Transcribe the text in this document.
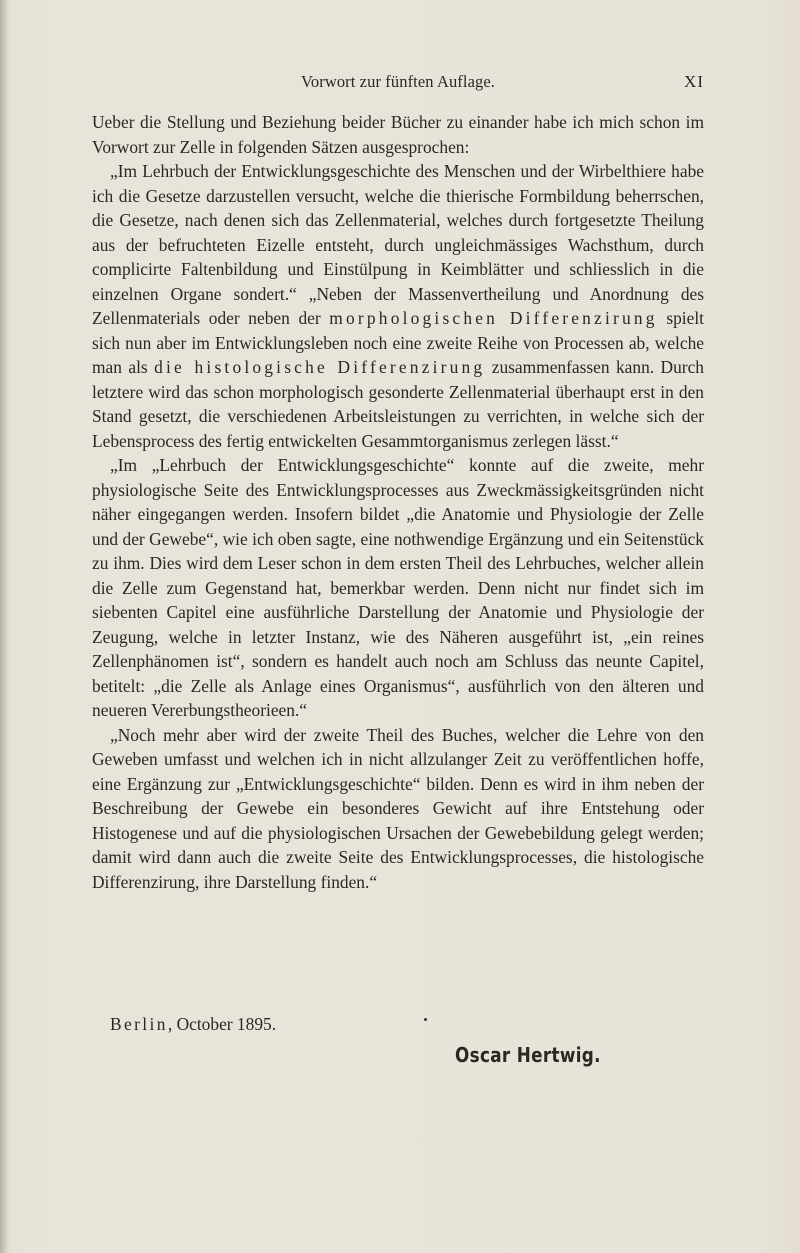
Vorwort zur fünften Auflage.	XI

Ueber die Stellung und Beziehung beider Bücher zu einander habe ich mich schon im Vorwort zur Zelle in folgenden Sätzen ausgesprochen:

„Im Lehrbuch der Entwicklungsgeschichte des Menschen und der Wirbelthiere habe ich die Gesetze darzustellen versucht, welche die thierische Formbildung beherrschen, die Gesetze, nach denen sich das Zellenmaterial, welches durch fortgesetzte Theilung aus der befruchteten Eizelle entsteht, durch ungleichmässiges Wachsthum, durch complicirte Faltenbildung und Einstülpung in Keimblätter und schliesslich in die einzelnen Organe sondert.“ „Neben der Massenvertheilung und Anordnung des Zellenmaterials oder neben der morphologischen Differenzirung spielt sich nun aber im Entwicklungsleben noch eine zweite Reihe von Processen ab, welche man als die histologische Differenzirung zusammenfassen kann. Durch letztere wird das schon morphologisch gesonderte Zellenmaterial überhaupt erst in den Stand gesetzt, die verschiedenen Arbeitsleistungen zu verrichten, in welche sich der Lebensprocess des fertig entwickelten Gesammtorganismus zerlegen lässt.“

„Im „Lehrbuch der Entwicklungsgeschichte“ konnte auf die zweite, mehr physiologische Seite des Entwicklungsprocesses aus Zweckmässigkeitsgründen nicht näher eingegangen werden. Insofern bildet „die Anatomie und Physiologie der Zelle und der Gewebe“, wie ich oben sagte, eine nothwendige Ergänzung und ein Seitenstück zu ihm. Dies wird dem Leser schon in dem ersten Theil des Lehrbuches, welcher allein die Zelle zum Gegenstand hat, bemerkbar werden. Denn nicht nur findet sich im siebenten Capitel eine ausführliche Darstellung der Anatomie und Physiologie der Zeugung, welche in letzter Instanz, wie des Näheren ausgeführt ist, „ein reines Zellenphänomen ist“, sondern es handelt auch noch am Schluss das neunte Capitel, betitelt: „die Zelle als Anlage eines Organismus“, ausführlich von den älteren und neueren Vererbungstheorieen.“

„Noch mehr aber wird der zweite Theil des Buches, welcher die Lehre von den Geweben umfasst und welchen ich in nicht allzulanger Zeit zu veröffentlichen hoffe, eine Ergänzung zur „Entwicklungsgeschichte“ bilden. Denn es wird in ihm neben der Beschreibung der Gewebe ein besonderes Gewicht auf ihre Entstehung oder Histogenese und auf die physiologischen Ursachen der Gewebebildung gelegt werden; damit wird dann auch die zweite Seite des Entwicklungsprocesses, die histologische Differenzirung, ihre Darstellung finden.“

Berlin, October 1895.
Oscar Hertwig.
